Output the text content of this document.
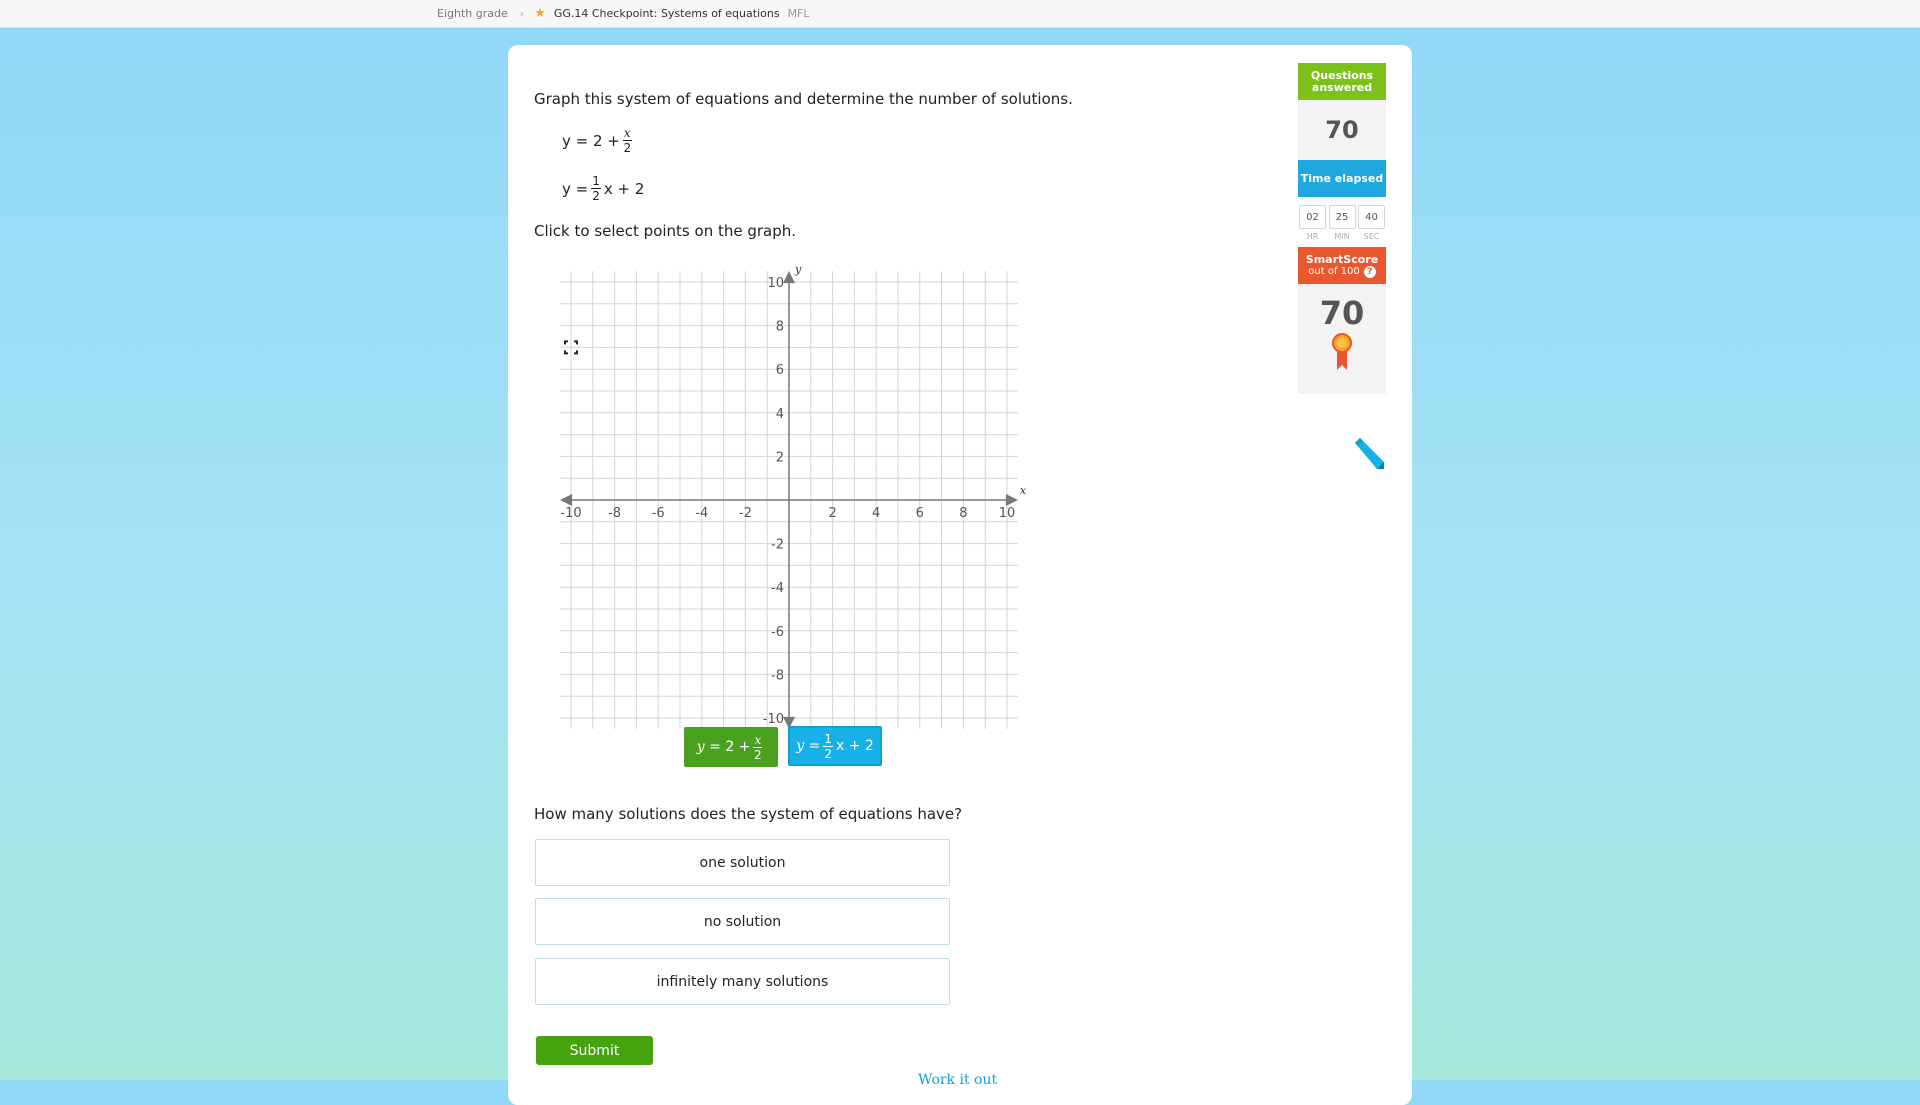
Eighth grade › ★ GG.14 Checkpoint: Systems of equations MFL
Graph this system of equations and determine the number of solutions.
$y = 2 + \frac{x}{2}$
$y = \frac{1}{2}$ x + 2
Click to select points on the graph.
x
y
-10 -8 -6 -4 -2	2	4	6	8 10
10
8
6
4
2
-2
-4
-6
-8
-10
y
= $2 + \frac{x}{2}$ y
= $\frac{1}{2}$ x + 2
How many solutions does the system of equations have?
one solution
no solution
infinitely many solutions
Submit
Work it out
Questions answered
70
Time elapsed
02
HR
25
MIN
40
SEC
SmartScore
out of 100 ?
70
